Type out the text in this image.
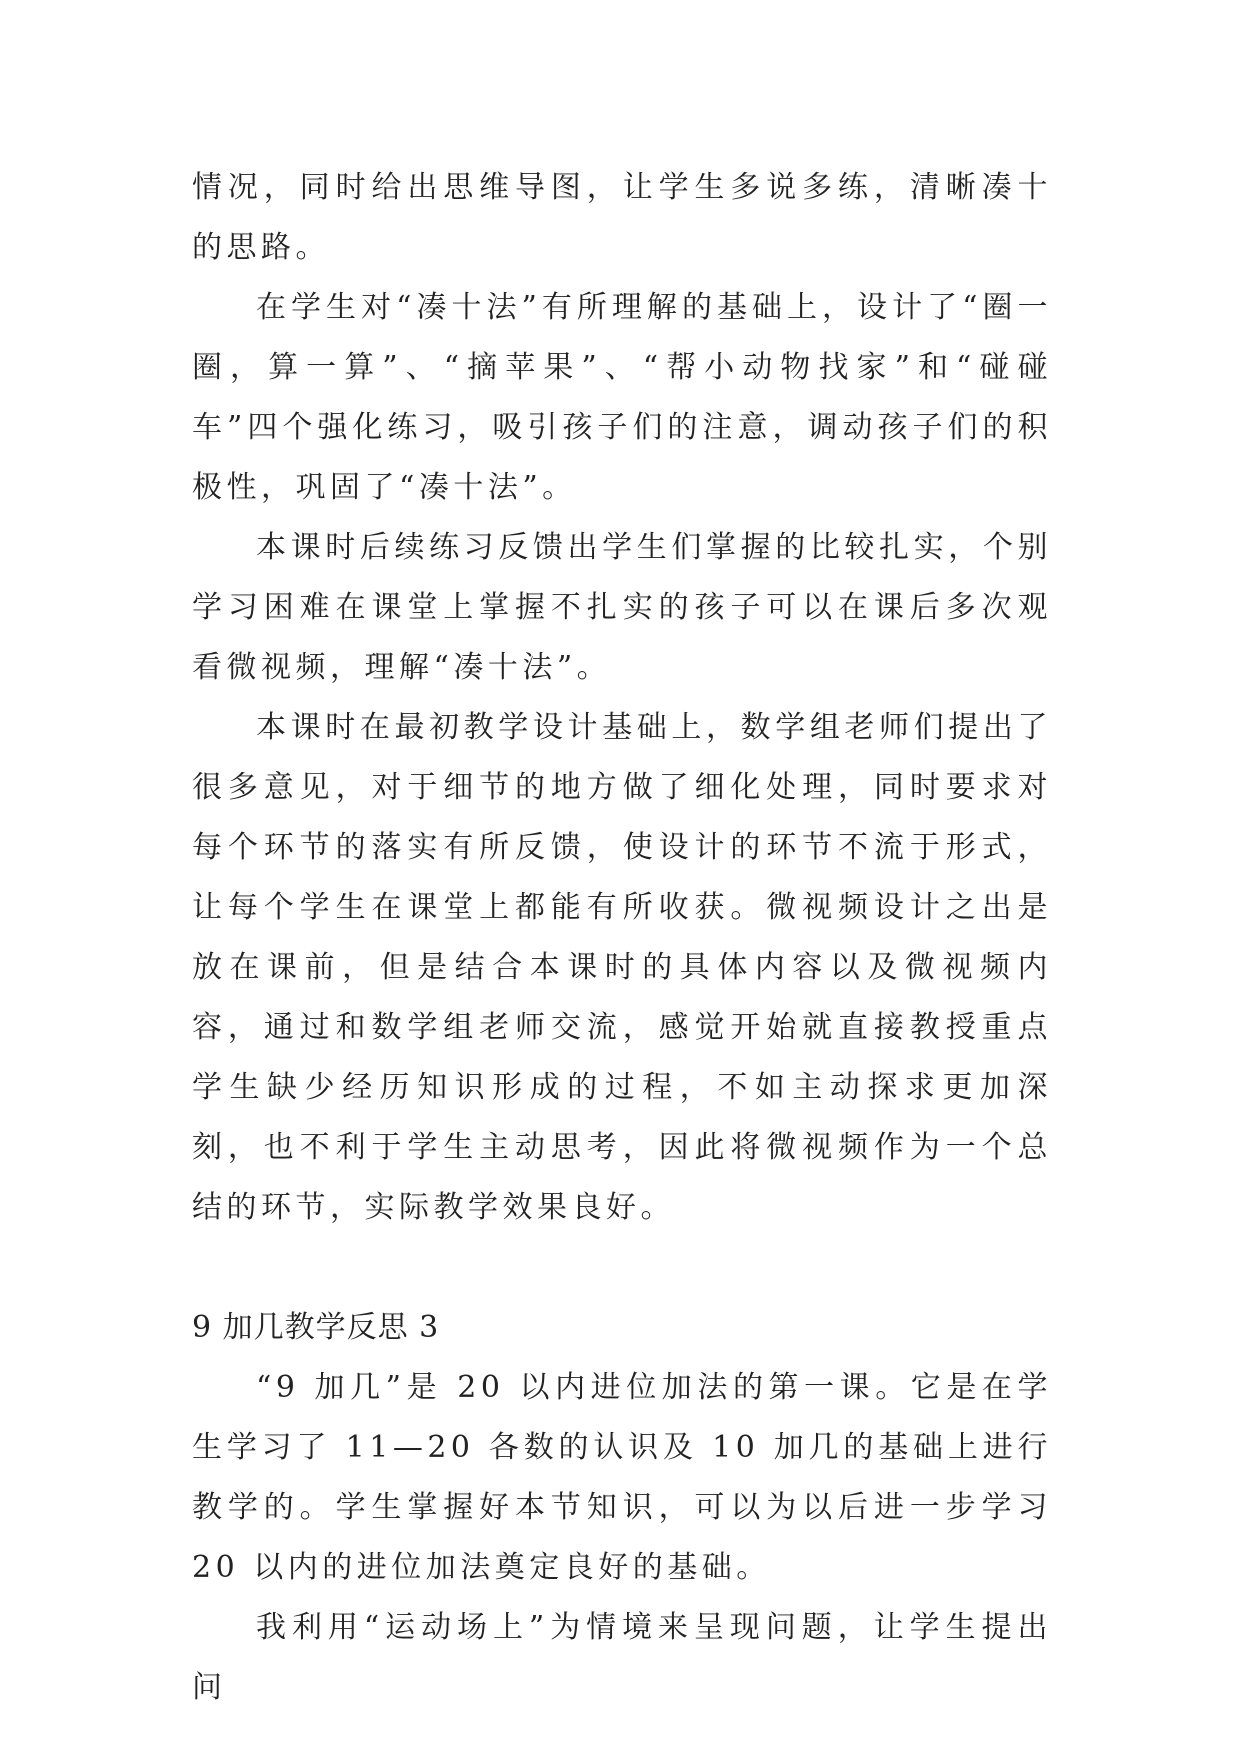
情况，同时给出思维导图，让学生多说多练，清晰凑十的思路。

在学生对“凑十法”有所理解的基础上，设计了“圈一圈，算一算”、“摘苹果”、“帮小动物找家”和“碰碰车”四个强化练习，吸引孩子们的注意，调动孩子们的积极性，巩固了“凑十法”。

本课时后续练习反馈出学生们掌握的比较扎实，个别学习困难在课堂上掌握不扎实的孩子可以在课后多次观看微视频，理解“凑十法”。

本课时在最初教学设计基础上，数学组老师们提出了很多意见，对于细节的地方做了细化处理，同时要求对每个环节的落实有所反馈，使设计的环节不流于形式，让每个学生在课堂上都能有所收获。微视频设计之出是放在课前，但是结合本课时的具体内容以及微视频内容，通过和数学组老师交流，感觉开始就直接教授重点学生缺少经历知识形成的过程，不如主动探求更加深刻，也不利于学生主动思考，因此将微视频作为一个总结的环节，实际教学效果良好。

9 加几教学反思 3

“9 加几”是 20 以内进位加法的第一课。它是在学生学习了 11—20 各数的认识及 10 加几的基础上进行教学的。学生掌握好本节知识，可以为以后进一步学习 20 以内的进位加法奠定良好的基础。

我利用“运动场上”为情境来呈现问题，让学生提出问
